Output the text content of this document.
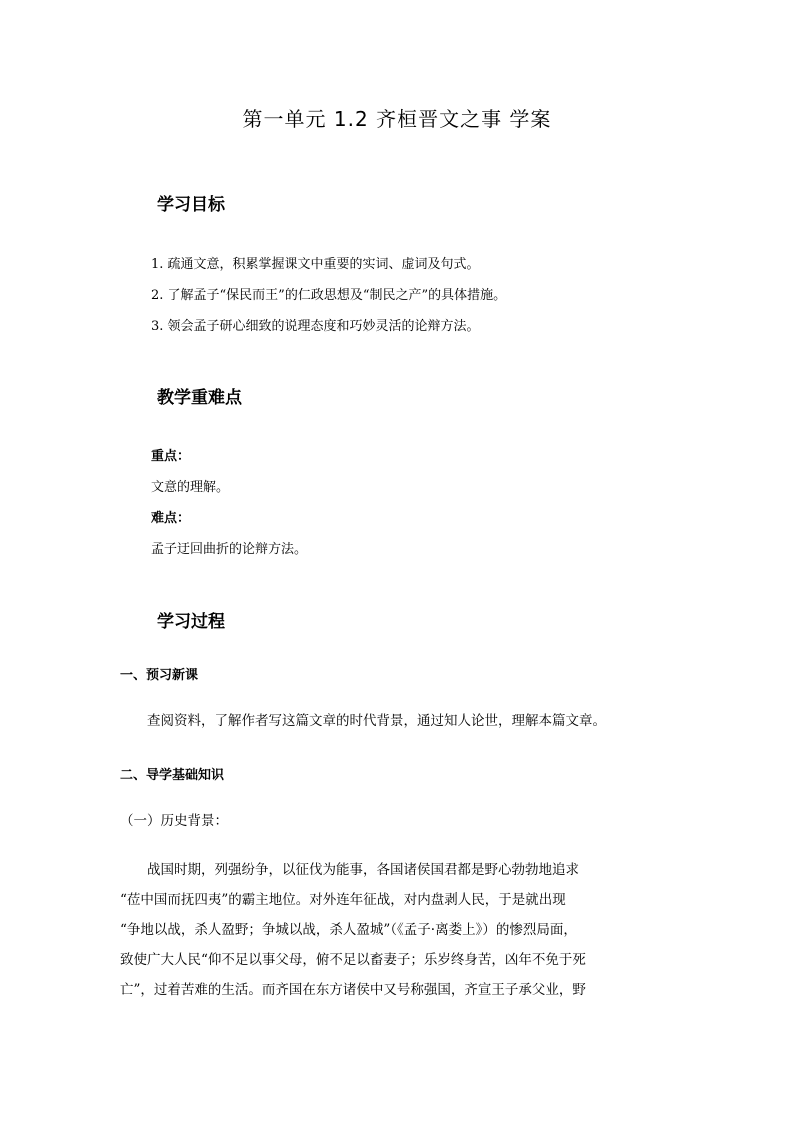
第一单元 1.2 齐桓晋文之事 学案
学习目标
1. 疏通文意，积累掌握课文中重要的实词、虚词及句式。
2. 了解孟子“保民而王”的仁政思想及“制民之产”的具体措施。
3. 领会孟子研心细致的说理态度和巧妙灵活的论辩方法。
教学重难点
重点：
文意的理解。
难点：
孟子迂回曲折的论辩方法。
学习过程
一、预习新课
查阅资料，了解作者写这篇文章的时代背景，通过知人论世，理解本篇文章。
二、导学基础知识
（一）历史背景：
战国时期，列强纷争，以征伐为能事，各国诸侯国君都是野心勃勃地追求
“莅中国而抚四夷”的霸主地位。对外连年征战，对内盘剥人民，于是就出现
“争地以战，杀人盈野；争城以战，杀人盈城”（《孟子·离娄上》）的惨烈局面，
致使广大人民“仰不足以事父母，俯不足以畜妻子；乐岁终身苦，凶年不免于死
亡”，过着苦难的生活。而齐国在东方诸侯中又号称强国，齐宣王子承父业，野
